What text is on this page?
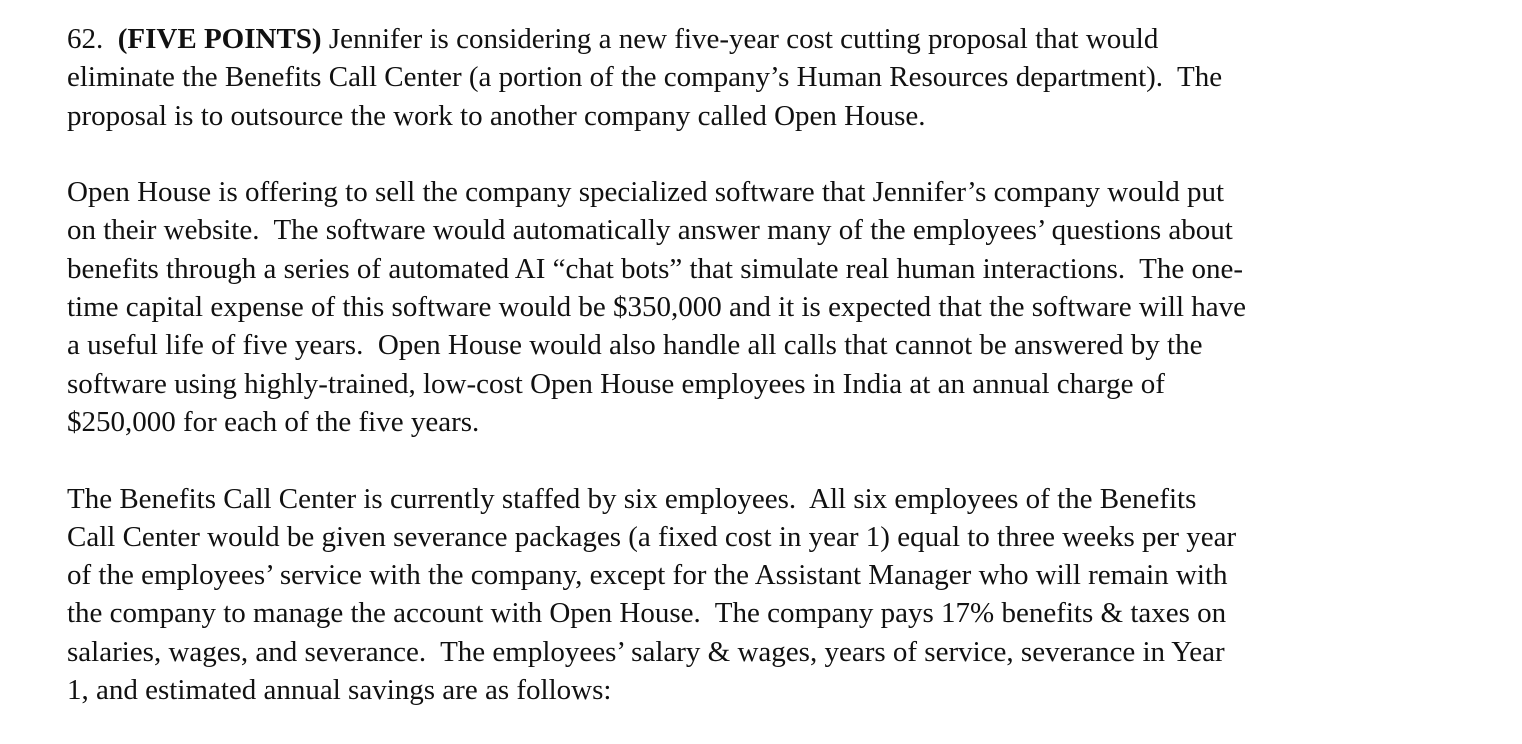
62. (FIVE POINTS) Jennifer is considering a new five-year cost cutting proposal that would
eliminate the Benefits Call Center (a portion of the company’s Human Resources department).  The
proposal is to outsource the work to another company called Open House.

Open House is offering to sell the company specialized software that Jennifer’s company would put
on their website.  The software would automatically answer many of the employees’ questions about
benefits through a series of automated AI “chat bots” that simulate real human interactions.  The one-
time capital expense of this software would be $350,000 and it is expected that the software will have
a useful life of five years.  Open House would also handle all calls that cannot be answered by the
software using highly-trained, low-cost Open House employees in India at an annual charge of
$250,000 for each of the five years.

The Benefits Call Center is currently staffed by six employees.  All six employees of the Benefits
Call Center would be given severance packages (a fixed cost in year 1) equal to three weeks per year
of the employees’ service with the company, except for the Assistant Manager who will remain with
the company to manage the account with Open House.  The company pays 17% benefits & taxes on
salaries, wages, and severance.  The employees’ salary & wages, years of service, severance in Year
1, and estimated annual savings are as follows:
